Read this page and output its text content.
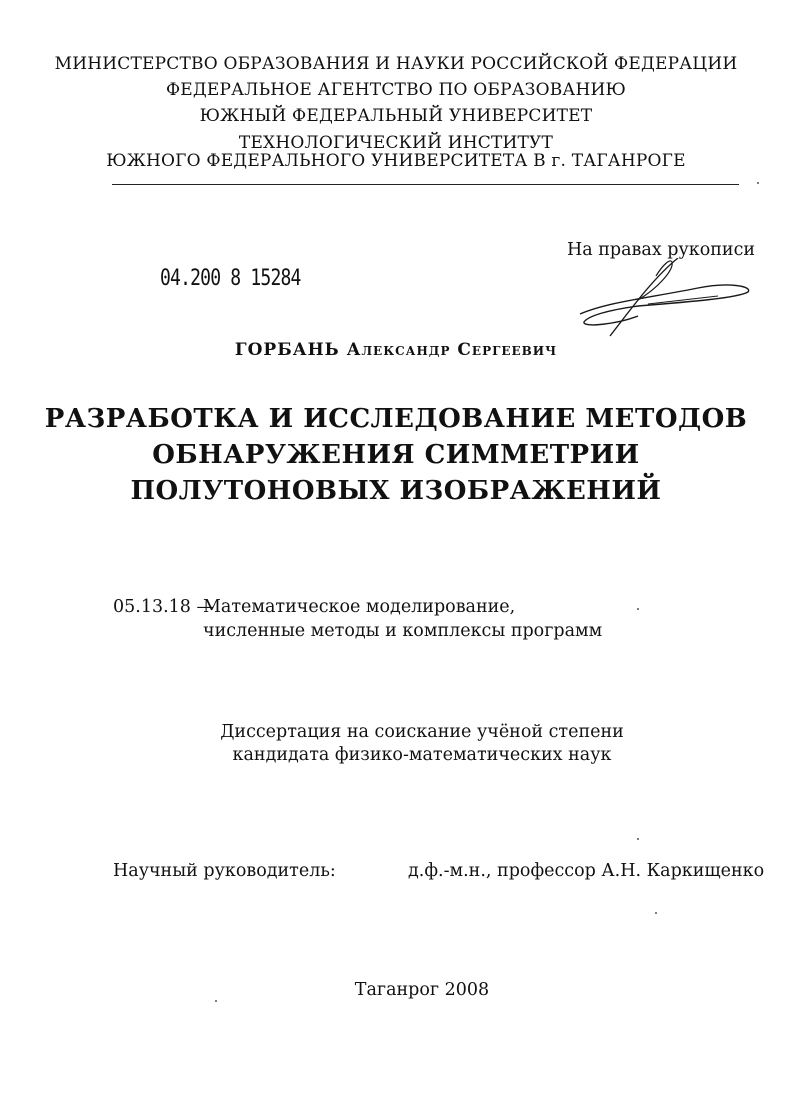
МИНИСТЕРСТВО ОБРАЗОВАНИЯ И НАУКИ РОССИЙСКОЙ ФЕДЕРАЦИИ
ФЕДЕРАЛЬНОЕ АГЕНТСТВО ПО ОБРАЗОВАНИЮ
ЮЖНЫЙ ФЕДЕРАЛЬНЫЙ УНИВЕРСИТЕТ
ТЕХНОЛОГИЧЕСКИЙ ИНСТИТУТ
ЮЖНОГО ФЕДЕРАЛЬНОГО УНИВЕРСИТЕТА В г. ТАГАНРОГЕ
04.200 8 15284
На правах рукописи
ГОРБАНЬ Александр Сергеевич
РАЗРАБОТКА И ИССЛЕДОВАНИЕ МЕТОДОВ
ОБНАРУЖЕНИЯ СИММЕТРИИ
ПОЛУТОНОВЫХ ИЗОБРАЖЕНИЙ
05.13.18 —
Математическое моделирование,
численные методы и комплексы программ
Диссертация на соискание учёной степени
кандидата физико-математических наук
Научный руководитель:	д.ф.-м.н., профессор А.Н. Каркищенко
Таганрог 2008
